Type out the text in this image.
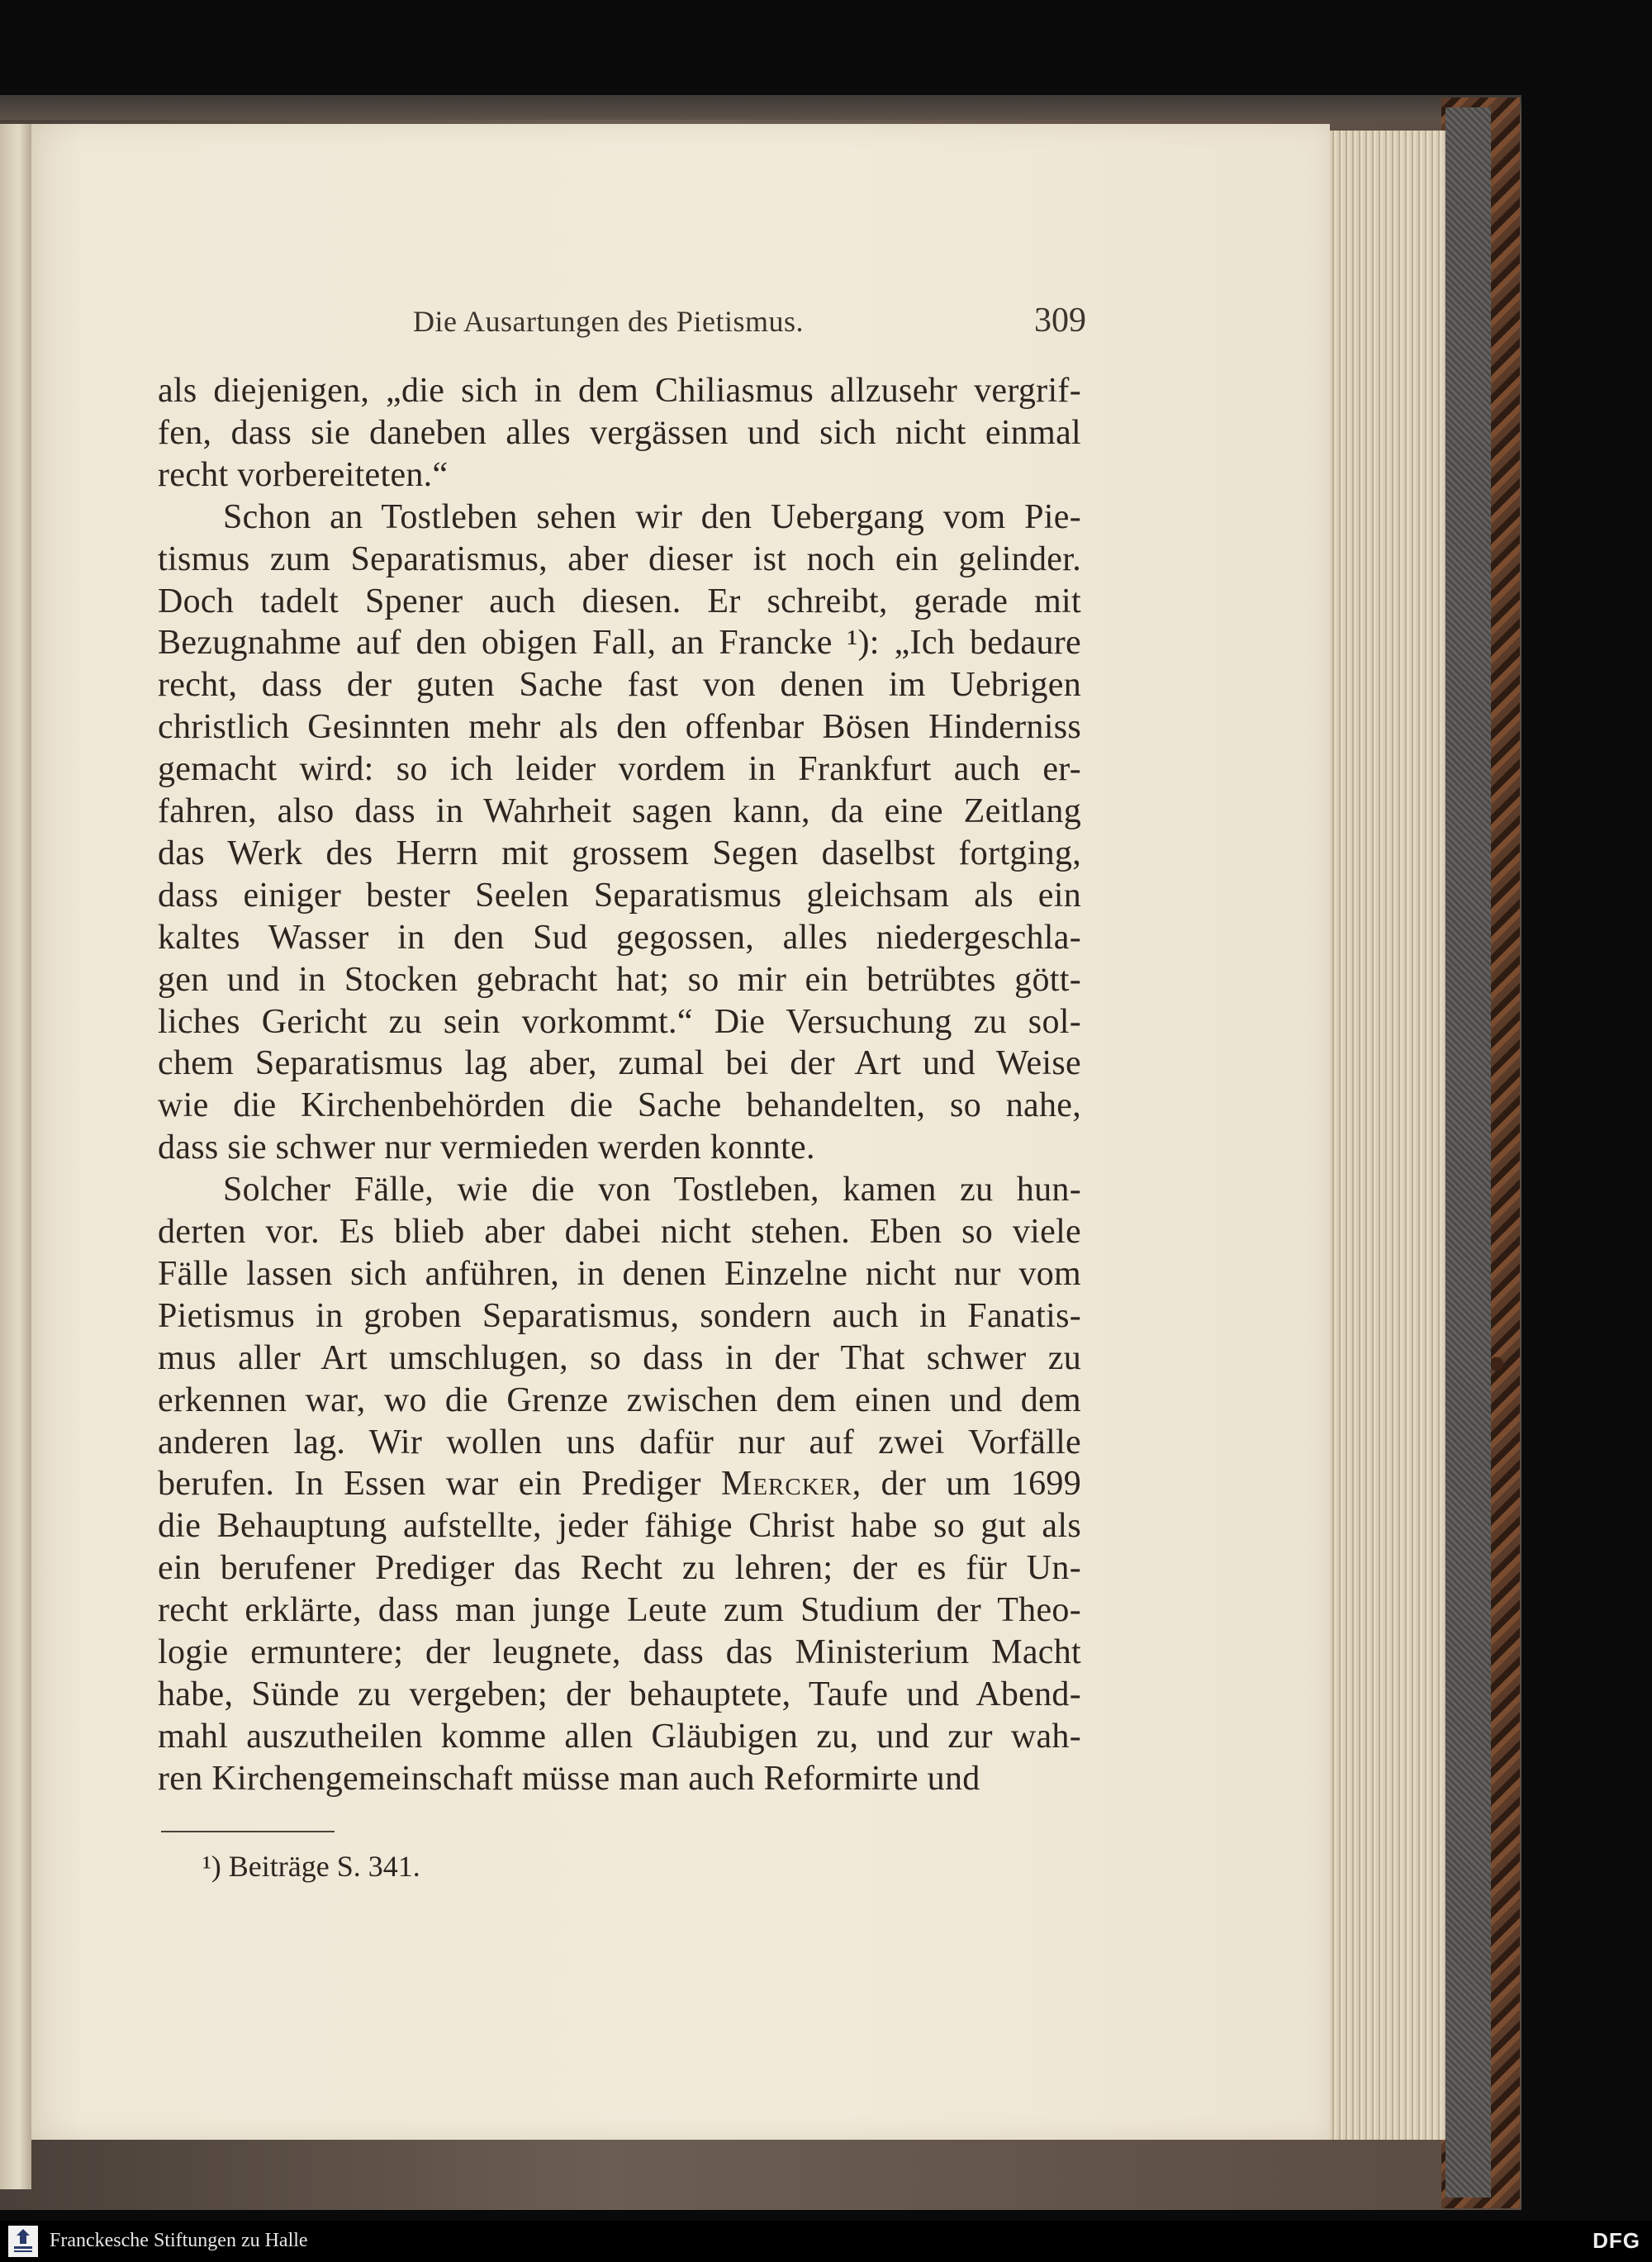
Die Ausartungen des Pietismus.	309
als diejenigen, „die sich in dem Chiliasmus allzusehr vergrif-
fen, dass sie daneben alles vergässen und sich nicht einmal
recht vorbereiteten.“
Schon an Tostleben sehen wir den Uebergang vom Pie-
tismus zum Separatismus, aber dieser ist noch ein gelinder.
Doch tadelt Spener auch diesen. Er schreibt, gerade mit
Bezugnahme auf den obigen Fall, an Francke ¹): „Ich bedaure
recht, dass der guten Sache fast von denen im Uebrigen
christlich Gesinnten mehr als den offenbar Bösen Hinderniss
gemacht wird: so ich leider vordem in Frankfurt auch er-
fahren, also dass in Wahrheit sagen kann, da eine Zeitlang
das Werk des Herrn mit grossem Segen daselbst fortging,
dass einiger bester Seelen Separatismus gleichsam als ein
kaltes Wasser in den Sud gegossen, alles niedergeschla-
gen und in Stocken gebracht hat; so mir ein betrübtes gött-
liches Gericht zu sein vorkommt.“ Die Versuchung zu sol-
chem Separatismus lag aber, zumal bei der Art und Weise
wie die Kirchenbehörden die Sache behandelten, so nahe,
dass sie schwer nur vermieden werden konnte.
Solcher Fälle, wie die von Tostleben, kamen zu hun-
derten vor. Es blieb aber dabei nicht stehen. Eben so viele
Fälle lassen sich anführen, in denen Einzelne nicht nur vom
Pietismus in groben Separatismus, sondern auch in Fanatis-
mus aller Art umschlugen, so dass in der That schwer zu
erkennen war, wo die Grenze zwischen dem einen und dem
anderen lag. Wir wollen uns dafür nur auf zwei Vorfälle
berufen. In Essen war ein Prediger Mercker, der um 1699
die Behauptung aufstellte, jeder fähige Christ habe so gut als
ein berufener Prediger das Recht zu lehren; der es für Un-
recht erklärte, dass man junge Leute zum Studium der Theo-
logie ermuntere; der leugnete, dass das Ministerium Macht
habe, Sünde zu vergeben; der behauptete, Taufe und Abend-
mahl auszutheilen komme allen Gläubigen zu, und zur wah-
ren Kirchengemeinschaft müsse man auch Reformirte und
¹) Beiträge S. 341.
Franckesche Stiftungen zu Halle	DFG
